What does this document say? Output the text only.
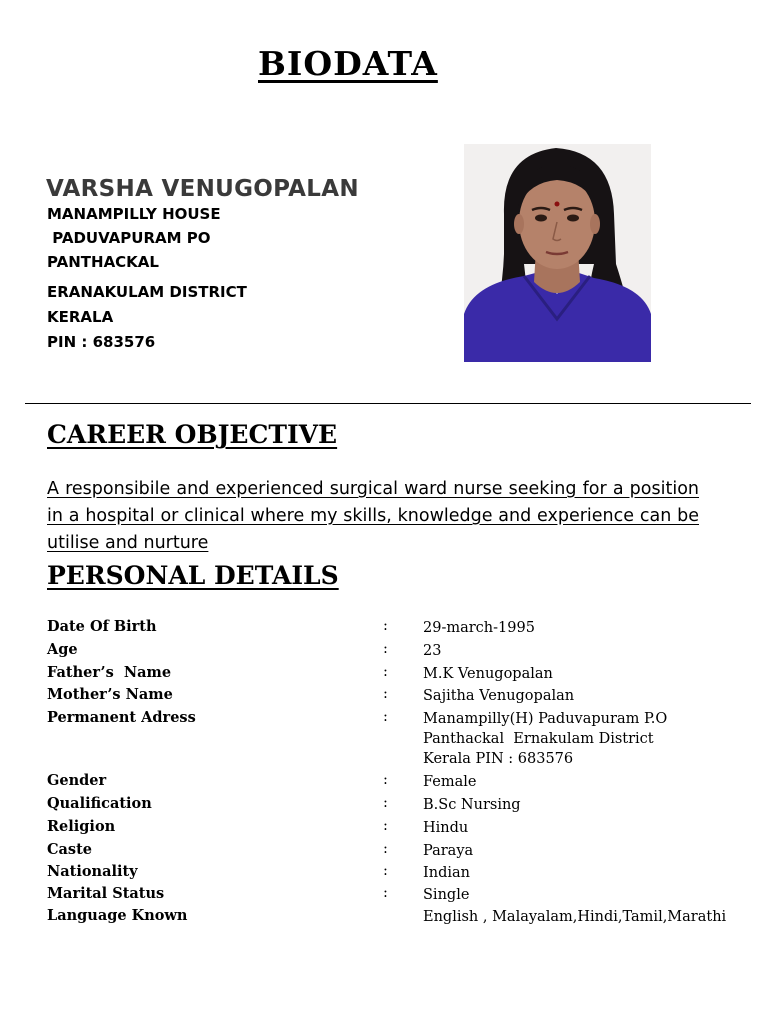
BIODATA
VARSHA VENUGOPALAN
MANAMPILLY HOUSE
PADUVAPURAM PO
PANTHACKAL
ERANAKULAM DISTRICT
KERALA
PIN : 683576
CAREER OBJECTIVE

A responsibile and experienced surgical ward nurse seeking for a position in a hospital or clinical where my skills, knowledge and experience can be utilise and nurture

PERSONAL DETAILS
Date Of Birth	: 29-march-1995
Age	: 23
Father’s  Name	: M.K Venugopalan
Mother’s Name	: Sajitha Venugopalan
Permanent Adress	: Manampilly(H) Paduvapuram P.O
Panthackal  Ernakulam District
Kerala PIN : 683576
Gender	: Female
Qualification	: B.Sc Nursing
Religion	: Hindu
Caste	: Paraya
Nationality	: Indian
Marital Status	: Single
Language Known	English , Malayalam,Hindi,Tamil,Marathi
